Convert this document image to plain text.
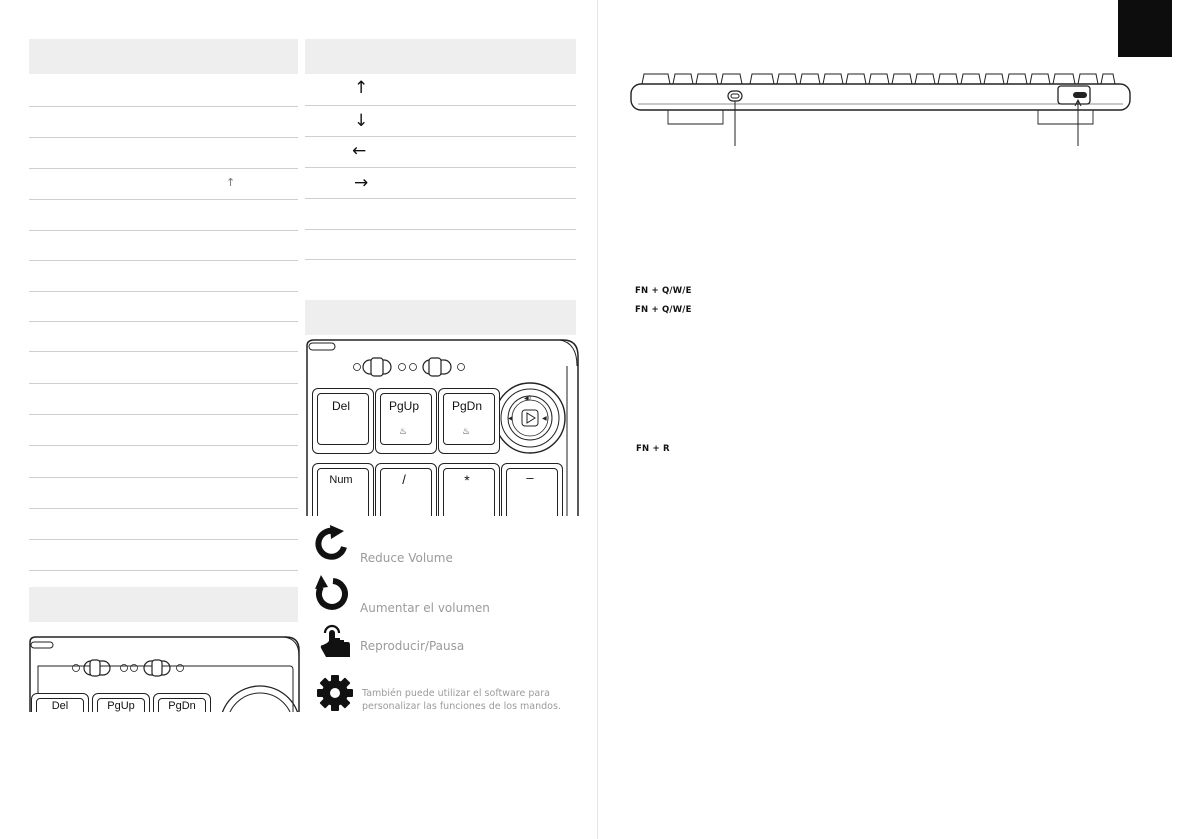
↑
Del	PgUp	PgDn
↑
↓
←
→
◀)
◀	◀)
Del	PgUp	PgDn
♨	♨
Num	/	*	–
Reduce Volume
Aumentar el volumen
Reproducir/Pausa
También puede utilizar el software para
personalizar las funciones de los mandos.
FN + Q/W/E
FN + Q/W/E
FN + R
